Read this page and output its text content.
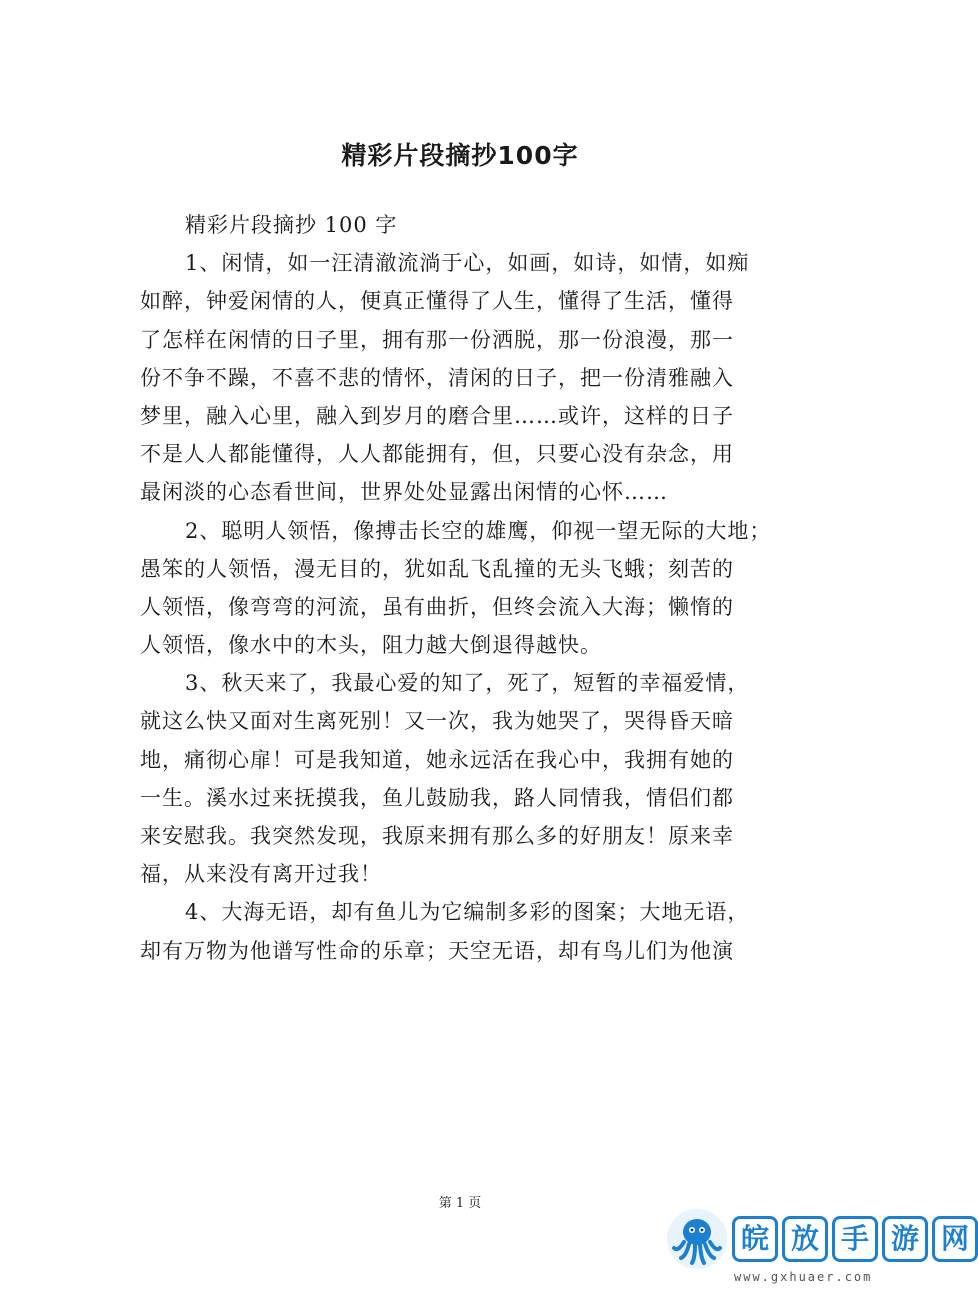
精彩片段摘抄100字
精彩片段摘抄 100 字
1、闲情，如一汪清澈流淌于心，如画，如诗，如情，如痴
如醉，钟爱闲情的人，便真正懂得了人生，懂得了生活，懂得
了怎样在闲情的日子里，拥有那一份洒脱，那一份浪漫，那一
份不争不躁，不喜不悲的情怀，清闲的日子，把一份清雅融入
梦里，融入心里，融入到岁月的磨合里……或许，这样的日子
不是人人都能懂得，人人都能拥有，但，只要心没有杂念，用
最闲淡的心态看世间，世界处处显露出闲情的心怀……
2、聪明人领悟，像搏击长空的雄鹰，仰视一望无际的大地；
愚笨的人领悟，漫无目的，犹如乱飞乱撞的无头飞蛾；刻苦的
人领悟，像弯弯的河流，虽有曲折，但终会流入大海；懒惰的
人领悟，像水中的木头，阻力越大倒退得越快。
3、秋天来了，我最心爱的知了，死了，短暂的幸福爱情，
就这么快又面对生离死别！又一次，我为她哭了，哭得昏天暗
地，痛彻心扉！可是我知道，她永远活在我心中，我拥有她的
一生。溪水过来抚摸我，鱼儿鼓励我，路人同情我，情侣们都
来安慰我。我突然发现，我原来拥有那么多的好朋友！原来幸
福，从来没有离开过我！
4、大海无语，却有鱼儿为它编制多彩的图案；大地无语，
却有万物为他谱写性命的乐章；天空无语，却有鸟儿们为他演
第 1 页
皖 放 手 游 网
www.gxhuaer.com
